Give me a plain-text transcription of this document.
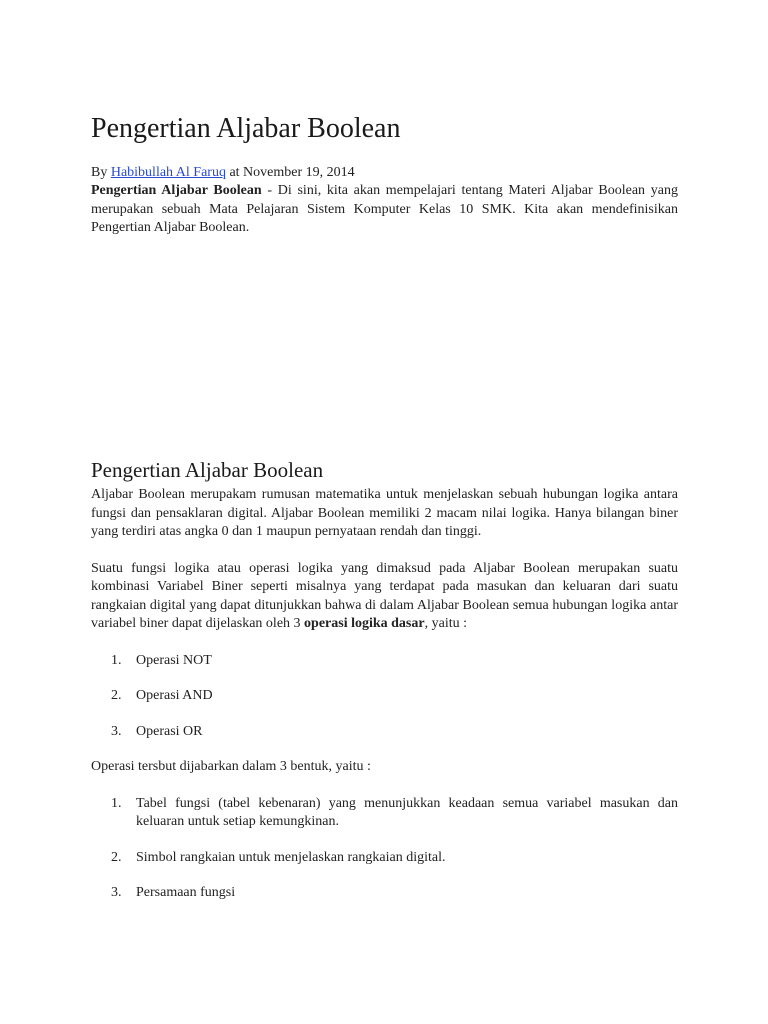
Pengertian Aljabar Boolean
By Habibullah Al Faruq at November 19, 2014

Pengertian Aljabar Boolean - Di sini, kita akan mempelajari tentang Materi Aljabar Boolean yang merupakan sebuah Mata Pelajaran Sistem Komputer Kelas 10 SMK. Kita akan mendefinisikan Pengertian Aljabar Boolean.

Pengertian Aljabar Boolean

Aljabar Boolean merupakam rumusan matematika untuk menjelaskan sebuah hubungan logika antara fungsi dan pensaklaran digital. Aljabar Boolean memiliki 2 macam nilai logika. Hanya bilangan biner yang terdiri atas angka 0 dan 1 maupun pernyataan rendah dan tinggi.

Suatu fungsi logika atau operasi logika yang dimaksud pada Aljabar Boolean merupakan suatu kombinasi Variabel Biner seperti misalnya yang terdapat pada masukan dan keluaran dari suatu rangkaian digital yang dapat ditunjukkan bahwa di dalam Aljabar Boolean semua hubungan logika antar variabel biner dapat dijelaskan oleh 3 operasi logika dasar, yaitu :

1. Operasi NOT
2. Operasi AND
3. Operasi OR

Operasi tersbut dijabarkan dalam 3 bentuk, yaitu :

1. Tabel fungsi (tabel kebenaran) yang menunjukkan keadaan semua variabel masukan dan keluaran untuk setiap kemungkinan.
2. Simbol rangkaian untuk menjelaskan rangkaian digital.
3. Persamaan fungsi
